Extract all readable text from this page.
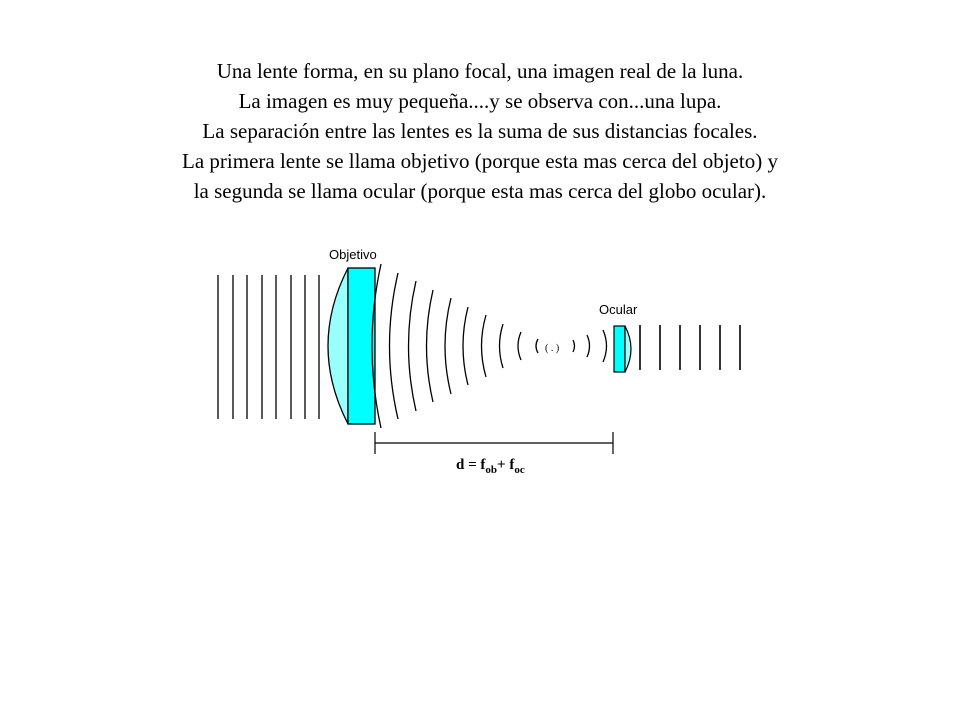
Una lente forma, en su plano focal, una imagen real de la luna.
La imagen es muy pequeña....y se observa con...una lupa.
La separación entre las lentes es la suma de sus distancias focales.
La primera lente se llama objetivo (porque esta mas cerca del objeto) y
la segunda se llama ocular (porque esta mas cerca del globo ocular).
Objetivo
( . )
Ocular
$d = f_{ob}+ f_{oc}$
